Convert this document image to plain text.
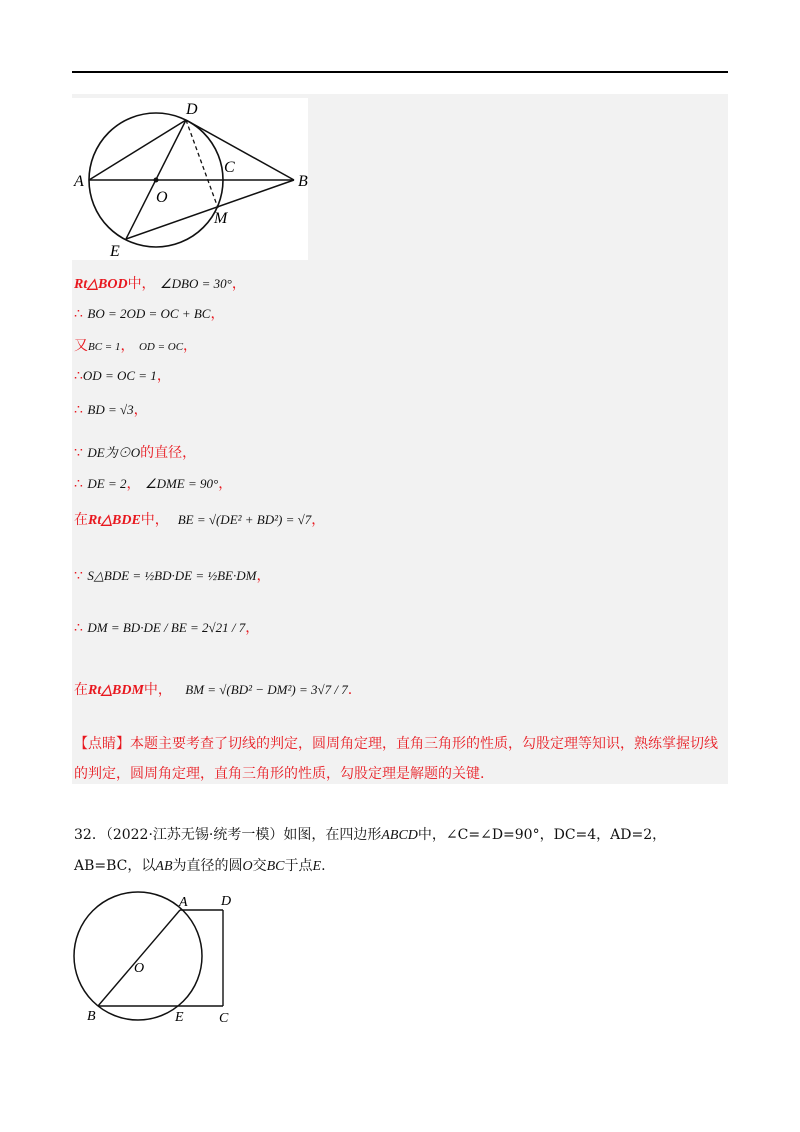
A	B
C
D
E
M
O
Rt△BOD中， ∠DBO = 30°，
∴ BO = 2OD = OC + BC，
又BC = 1， OD = OC，
∴OD = OC = 1，
∴ BD = √3，
∵ DE为⊙O的直径，
∴ DE = 2， ∠DME = 90°，
在Rt△BDE中， BE = √(DE² + BD²) = √7，
∵ S△BDE = ½BD·DE = ½BE·DM，
∴ DM = BD·DE / BE = 2√21 / 7，
在Rt△BDM中， BM = √(BD² − DM²) = 3√7 / 7.
【点睛】本题主要考查了切线的判定，圆周角定理，直角三角形的性质，勾股定理等知识，熟练掌握切线的判定，圆周角定理，直角三角形的性质，勾股定理是解题的关键.
32．（2022·江苏无锡·统考一模）如图，在四边形ABCD中，∠C=∠D=90°，DC=4，AD=2，AB=BC，以AB为直径的圆O交BC于点E.
A
B	C
D
E
O
